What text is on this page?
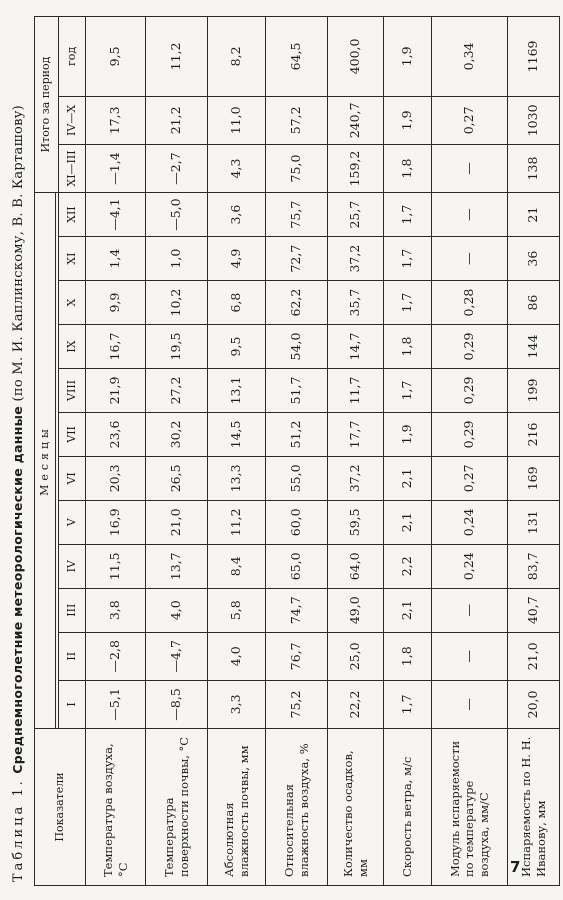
Таблица 1. Среднемноголетние метеорологические данные (по М. И. Каплинскому, В. В. Карташову)
Показатели	Месяцы												Итого за период		

	I	II	III	IV	V	VI	VII	VIII	IX	X	XI	XII	XI—III	IV—X	год
Температура воздуха, °С	—5,1	—2,8	3,8	11,5	16,9	20,3	23,6	21,9	16,7	9,9	1,4	—4,1	—1,4	17,3	9,5
Температура поверхности почвы, °С	—8,5	—4,7	4,0	13,7	21,0	26,5	30,2	27,2	19,5	10,2	1,0	—5,0	—2,7	21,2	11,2
Абсолютная влажность почвы, мм	3,3	4,0	5,8	8,4	11,2	13,3	14,5	13,1	9,5	6,8	4,9	3,6	4,3	11,0	8,2
Относительная влажность воздуха, %	75,2	76,7	74,7	65,0	60,0	55,0	51,2	51,7	54,0	62,2	72,7	75,7	75,0	57,2	64,5
Количество осадков, мм	22,2	25,0	49,0	64,0	59,5	37,2	17,7	11,7	14,7	35,7	37,2	25,7	159,2	240,7	400,0
Скорость ветра, м/с	1,7	1,8	2,1	2,2	2,1	2,1	1,9	1,7	1,8	1,7	1,7	1,7	1,8	1,9	1,9
Модуль испаряемости по температуре воздуха, мм/С	—	—	—	0,24	0,24	0,27	0,29	0,29	0,29	0,28	—	—	—	0,27	0,34
Испаряемость по Н. Н. Иванову, мм	20,0	21,0	40,7	83,7	131	169	216	199	144	86	36	21	138	1030	1169
7
